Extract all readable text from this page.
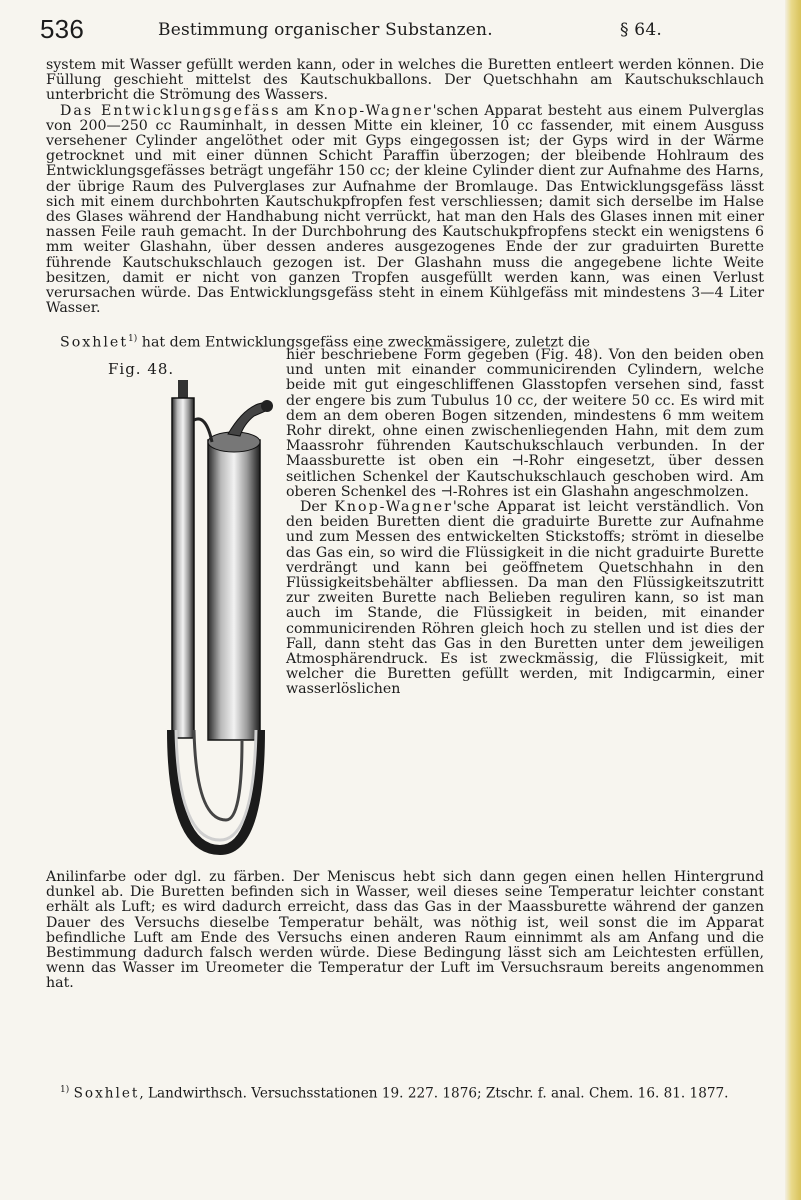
536	Bestimmung organischer Substanzen.	§ 64.
system mit Wasser gefüllt werden kann, oder in welches die Buretten entleert werden können. Die Füllung geschieht mittelst des Kautschukballons. Der Quetschhahn am Kautschukschlauch unterbricht die Strömung des Wassers.
Das Entwicklungsgefäss am Knop-Wagner'schen Apparat besteht aus einem Pulverglas von 200—250 cc Rauminhalt, in dessen Mitte ein kleiner, 10 cc fassender, mit einem Ausguss versehener Cylinder angelöthet oder mit Gyps eingegossen ist; der Gyps wird in der Wärme getrocknet und mit einer dünnen Schicht Paraffin überzogen; der bleibende Hohlraum des Entwicklungsgefässes beträgt ungefähr 150 cc; der kleine Cylinder dient zur Aufnahme des Harns, der übrige Raum des Pulverglases zur Aufnahme der Bromlauge. Das Entwicklungsgefäss lässt sich mit einem durchbohrten Kautschukpfropfen fest verschliessen; damit sich derselbe im Halse des Glases während der Handhabung nicht verrückt, hat man den Hals des Glases innen mit einer nassen Feile rauh gemacht. In der Durchbohrung des Kautschukpfropfens steckt ein wenigstens 6 mm weiter Glashahn, über dessen anderes ausgezogenes Ende der zur graduirten Burette führende Kautschukschlauch gezogen ist. Der Glashahn muss die angegebene lichte Weite besitzen, damit er nicht von ganzen Tropfen ausgefüllt werden kann, was einen Verlust verursachen würde. Das Entwicklungsgefäss steht in einem Kühlgefäss mit mindestens 3—4 Liter Wasser.
Soxhlet$^{1)}$ hat dem Entwicklungsgefäss eine zweckmässigere, zuletzt die
Fig. 48.

hier beschriebene Form gegeben (Fig. 48). Von den beiden oben und unten mit einander communicirenden Cylindern, welche beide mit gut eingeschliffenen Glasstopfen versehen sind, fasst der engere bis zum Tubulus 10 cc, der weitere 50 cc. Es wird mit dem an dem oberen Bogen sitzenden, mindestens 6 mm weitem Rohr direkt, ohne einen zwischenliegenden Hahn, mit dem zum Maassrohr führenden Kautschukschlauch verbunden. In der Maassburette ist oben ein ⊣-Rohr eingesetzt, über dessen seitlichen Schenkel der Kautschukschlauch geschoben wird. Am oberen Schenkel des ⊣-Rohres ist ein Glashahn angeschmolzen.

Der Knop-Wagner'sche Apparat ist leicht verständlich. Von den beiden Buretten dient die graduirte Burette zur Aufnahme und zum Messen des entwickelten Stickstoffs; strömt in dieselbe das Gas ein, so wird die Flüssigkeit in die nicht graduirte Burette verdrängt und kann bei geöffnetem Quetschhahn in den Flüssigkeitsbehälter abfliessen. Da man den Flüssigkeitszutritt zur zweiten Burette nach Belieben reguliren kann, so ist man auch im Stande, die Flüssigkeit in beiden, mit einander communicirenden Röhren gleich hoch zu stellen und ist dies der Fall, dann steht das Gas in den Buretten unter dem jeweiligen Atmosphärendruck. Es ist zweckmässig, die Flüssigkeit, mit welcher die Buretten gefüllt werden, mit Indigcarmin, einer wasserlöslichen

Anilinfarbe oder dgl. zu färben. Der Meniscus hebt sich dann gegen einen hellen Hintergrund dunkel ab. Die Buretten befinden sich in Wasser, weil dieses seine Temperatur leichter constant erhält als Luft; es wird dadurch erreicht, dass das Gas in der Maassburette während der ganzen Dauer des Versuchs dieselbe Temperatur behält, was nöthig ist, weil sonst die im Apparat befindliche Luft am Ende des Versuchs einen anderen Raum einnimmt als am Anfang und die Bestimmung dadurch falsch werden würde. Diese Bedingung lässt sich am Leichtesten erfüllen, wenn das Wasser im Ureometer die Temperatur der Luft im Versuchsraum bereits angenommen hat.
$^{1)}$ Soxhlet, Landwirthsch. Versuchsstationen 19. 227. 1876; Ztschr. f. anal. Chem. 16. 81. 1877.
